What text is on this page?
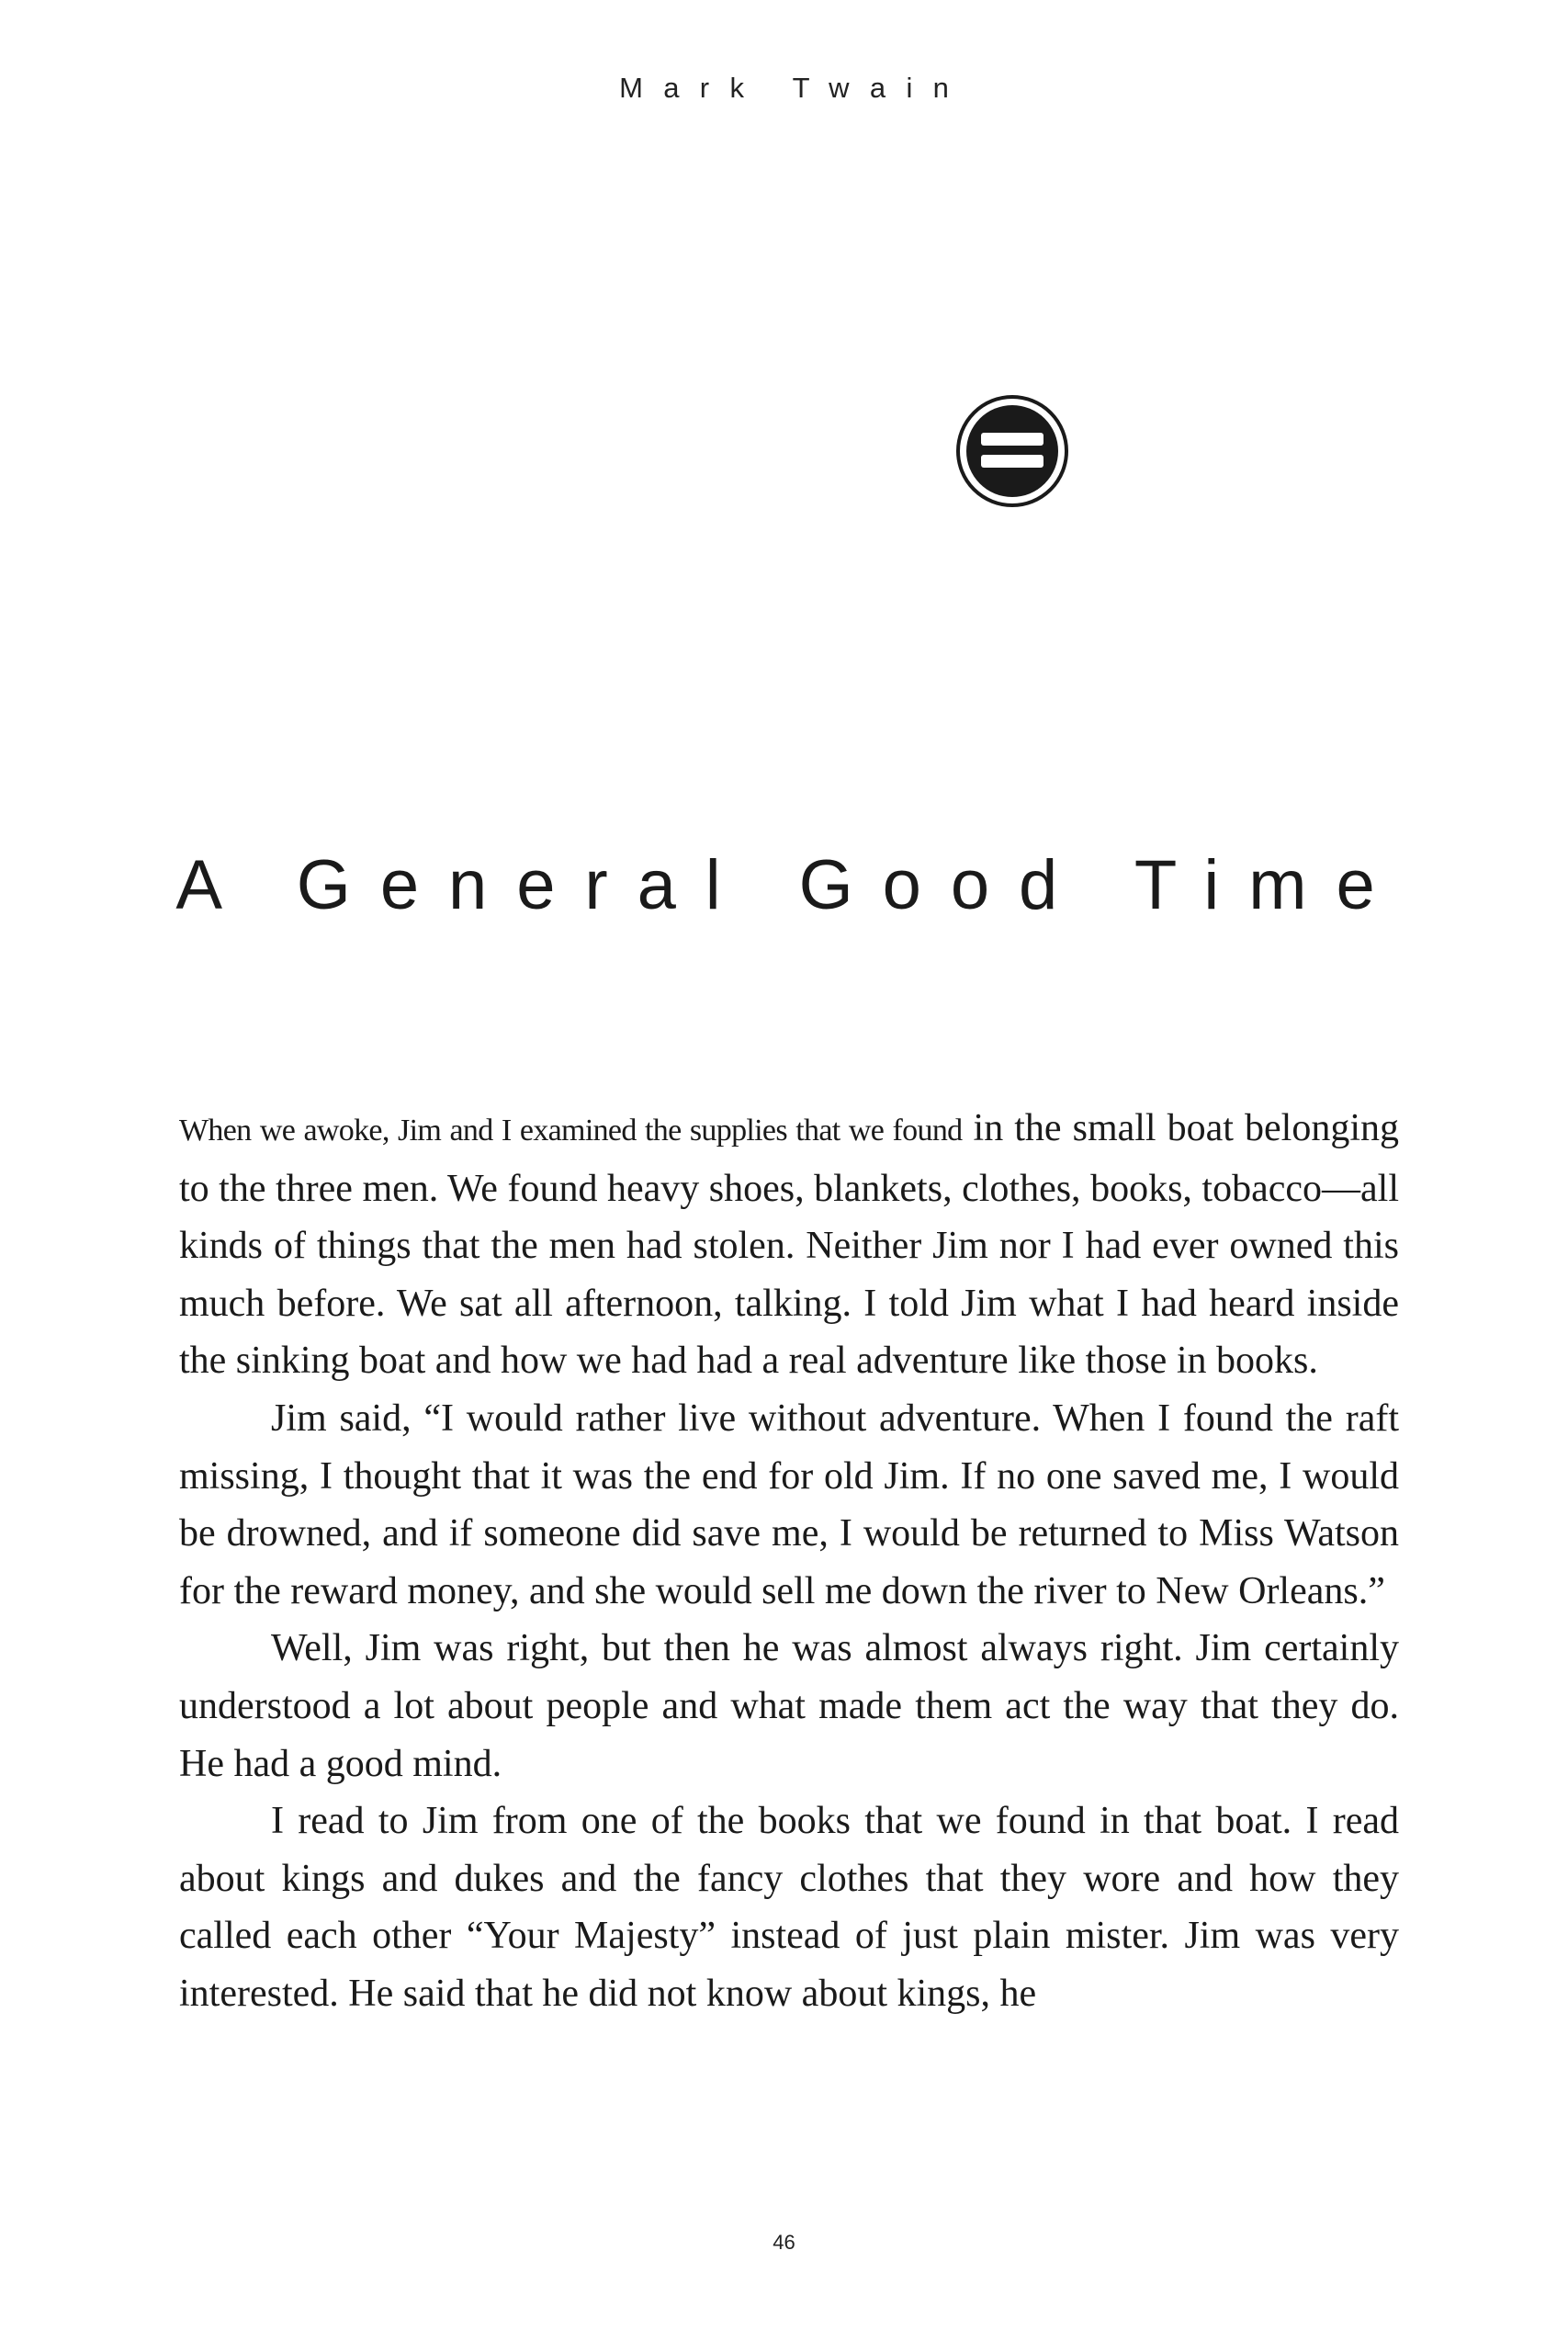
Mark Twain
A General Good Time

When we awoke, Jim and I examined the supplies that we found in the small boat belonging to the three men. We found heavy shoes, blankets, clothes, books, tobacco—all kinds of things that the men had stolen. Neither Jim nor I had ever owned this much before. We sat all afternoon, talking. I told Jim what I had heard inside the sinking boat and how we had had a real adventure like those in books.

Jim said, “I would rather live without adventure. When I found the raft missing, I thought that it was the end for old Jim. If no one saved me, I would be drowned, and if someone did save me, I would be returned to Miss Watson for the reward money, and she would sell me down the river to New Orleans.”

Well, Jim was right, but then he was almost always right. Jim certainly understood a lot about people and what made them act the way that they do. He had a good mind.

I read to Jim from one of the books that we found in that boat. I read about kings and dukes and the fancy clothes that they wore and how they called each other “Your Majesty” instead of just plain mister. Jim was very interested. He said that he did not know about kings, he

46
